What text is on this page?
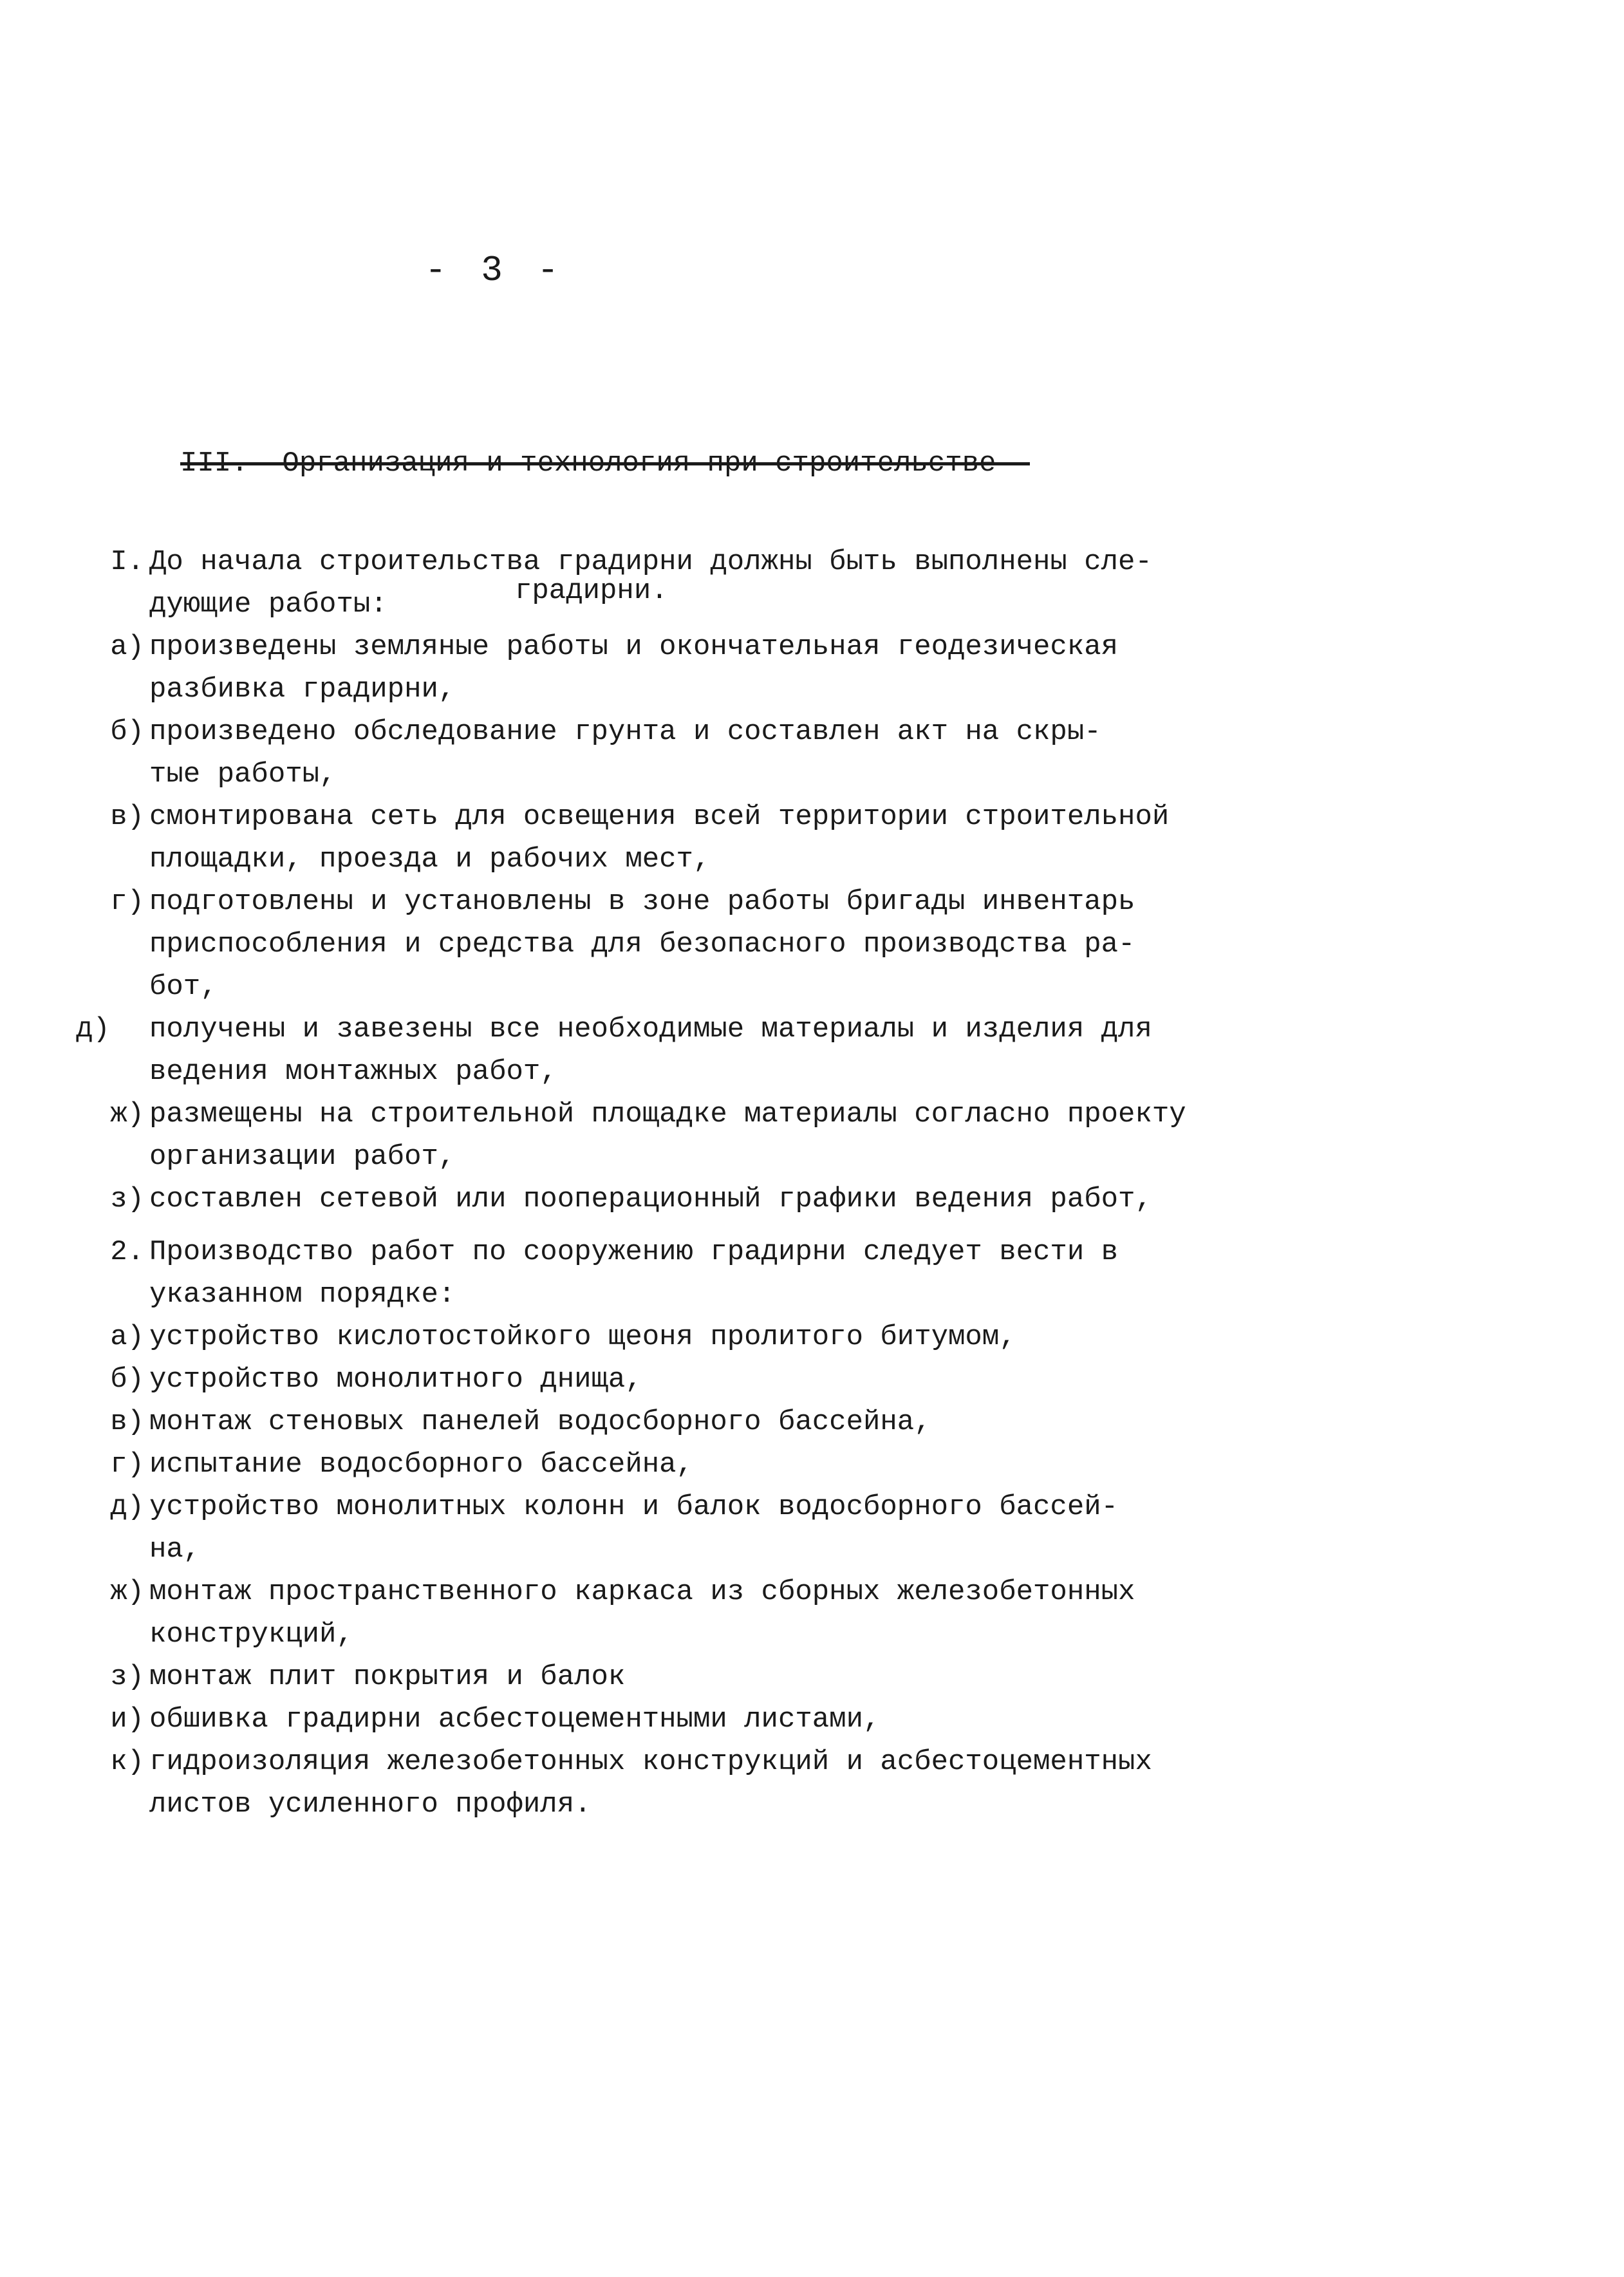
- 3 -

III.  Организация и технология при строительстве

градирни.

I. До начала строительства градирни должны быть выполнены сле-
дующие работы:
а) произведены земляные работы и окончательная геодезическая
разбивка градирни,
б) произведено обследование грунта и составлен акт на скры-
тые работы,
в) смонтирована сеть для освещения всей территории строительной
площадки, проезда и рабочих мест,
г) подготовлены и установлены в зоне работы бригады инвентарь
приспособления и средства для безопасного производства ра-
бот,
д)	получены и завезены все необходимые материалы и изделия для
ведения монтажных работ,
ж) размещены на строительной площадке материалы согласно проекту
организации работ,
з) составлен сетевой или пооперационный графики ведения работ,
2. Производство работ по сооружению градирни следует вести в
указанном порядке:
а) устройство кислотостойкого щеоня пролитого битумом,
б) устройство монолитного днища,
в) монтаж стеновых панелей водосборного бассейна,
г) испытание водосборного бассейна,
д) устройство монолитных колонн и балок водосборного бассей-
на,
ж) монтаж пространственного каркаса из сборных железобетонных
конструкций,
з) монтаж плит покрытия и балок
и) обшивка градирни асбестоцементными листами,
к) гидроизоляция железобетонных конструкций и асбестоцементных
листов усиленного профиля.
